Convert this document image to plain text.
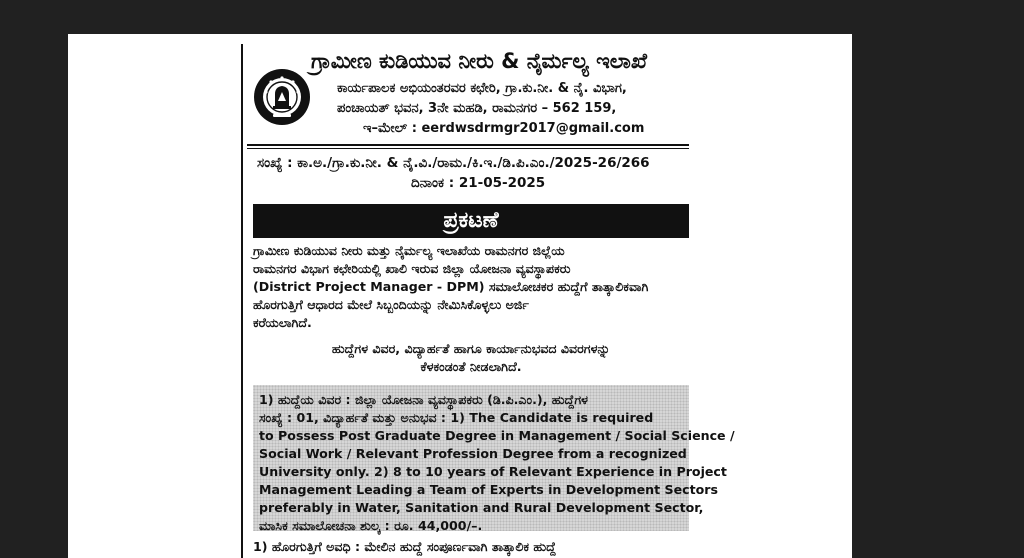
ಗ್ರಾಮೀಣ ಕುಡಿಯುವ ನೀರು & ನೈರ್ಮಲ್ಯ ಇಲಾಖೆ
ಕಾರ್ಯಪಾಲಕ ಅಭಿಯಂತರವರ ಕಛೇರಿ, ಗ್ರಾ.ಕು.ನೀ. & ನೈ. ವಿಭಾಗ,
ಪಂಚಾಯತ್ ಭವನ, 3ನೇ ಮಹಡಿ, ರಾಮನಗರ – 562 159,
ಇ–ಮೇಲ್ : eerdwsdrmgr2017@gmail.com
ಸಂಖ್ಯೆ : ಕಾ.ಅ./ಗ್ರಾ.ಕು.ನೀ. & ನೈ.ವಿ./ರಾಮ./ಕಿ.ಇ./ಡಿ.ಪಿ.ಎಂ./2025-26/266
ದಿನಾಂಕ : 21-05-2025
ಪ್ರಕಟಣೆ
ಗ್ರಾಮೀಣ ಕುಡಿಯುವ ನೀರು ಮತ್ತು ನೈರ್ಮಲ್ಯ ಇಲಾಖೆಯ ರಾಮನಗರ ಜಿಲ್ಲೆಯ
ರಾಮನಗರ ವಿಭಾಗ ಕಛೇರಿಯಲ್ಲಿ ಖಾಲಿ ಇರುವ ಜಿಲ್ಲಾ ಯೋಜನಾ ವ್ಯವಸ್ಥಾಪಕರು
(District Project Manager - DPM) ಸಮಾಲೋಚಕರ ಹುದ್ದೆಗೆ ತಾತ್ಕಾಲಿಕವಾಗಿ
ಹೊರಗುತ್ತಿಗೆ ಆಧಾರದ ಮೇಲೆ ಸಿಬ್ಬಂದಿಯನ್ನು ನೇಮಿಸಿಕೊಳ್ಳಲು ಅರ್ಜಿ
ಕರೆಯಲಾಗಿದೆ.
ಹುದ್ದೆಗಳ ವಿವರ, ವಿದ್ಯಾರ್ಹತೆ ಹಾಗೂ ಕಾರ್ಯಾನುಭವದ ವಿವರಗಳನ್ನು
ಕೆಳಕಂಡಂತೆ ನೀಡಲಾಗಿದೆ.
1) ಹುದ್ದೆಯ ವಿವರ : ಜಿಲ್ಲಾ ಯೋಜನಾ ವ್ಯವಸ್ಥಾಪಕರು (ಡಿ.ಪಿ.ಎಂ.), ಹುದ್ದೆಗಳ
ಸಂಖ್ಯೆ : 01, ವಿದ್ಯಾರ್ಹತೆ ಮತ್ತು ಅನುಭವ : 1) The Candidate is required
to Possess Post Graduate Degree in Management / Social Science /
Social Work / Relevant Profession Degree from a recognized
University only. 2) 8 to 10 years of Relevant Experience in Project
Management Leading a Team of Experts in Development Sectors
preferably in Water, Sanitation and Rural Development Sector,
ಮಾಸಿಕ ಸಮಾಲೋಚನಾ ಶುಲ್ಕ : ರೂ. 44,000/–.
1) ಹೊರಗುತ್ತಿಗೆ ಅವಧಿ : ಮೇಲಿನ ಹುದ್ದೆ ಸಂಪೂರ್ಣವಾಗಿ ತಾತ್ಕಾಲಿಕ ಹುದ್ದೆ
